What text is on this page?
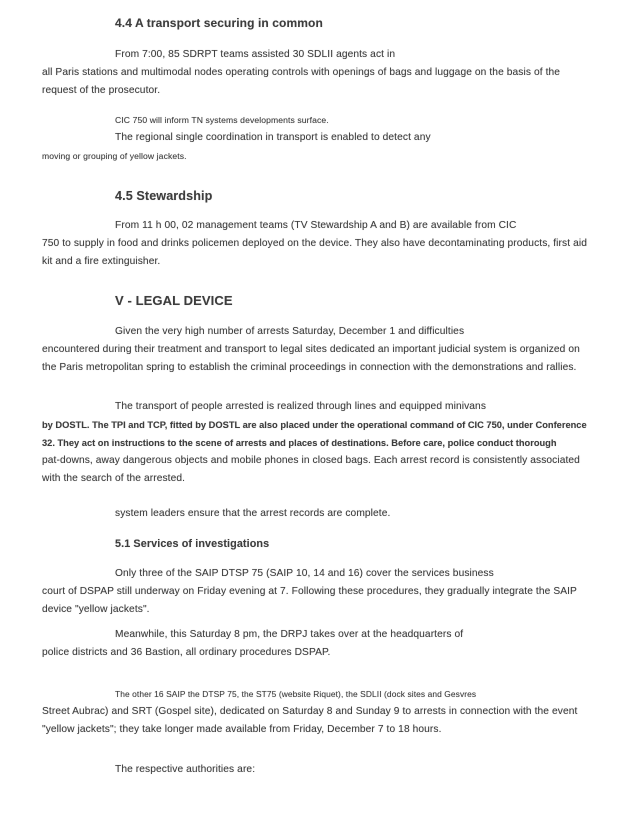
4.4 A transport securing in common
From 7:00, 85 SDRPT teams assisted 30 SDLII agents act in
all Paris stations and multimodal nodes operating controls with openings of bags and luggage on the basis of the
request of the prosecutor.
CIC 750 will inform TN systems developments surface.
The regional single coordination in transport is enabled to detect any
moving or grouping of yellow jackets.
4.5 Stewardship
From 11 h 00, 02 management teams (TV Stewardship A and B) are available from CIC
750 to supply in food and drinks policemen deployed on the device. They also have decontaminating products, first aid
kit and a fire extinguisher.
V - LEGAL DEVICE
Given the very high number of arrests Saturday, December 1 and difficulties
encountered during their treatment and transport to legal sites dedicated an important judicial system is organized on
the Paris metropolitan spring to establish the criminal proceedings in connection with the demonstrations and rallies.
The transport of people arrested is realized through lines and equipped minivans
by DOSTL. The TPI and TCP, fitted by DOSTL are also placed under the operational command of CIC 750, under Conference
32. They act on instructions to the scene of arrests and places of destinations. Before care, police conduct thorough
pat-downs, away dangerous objects and mobile phones in closed bags. Each arrest record is consistently associated
with the search of the arrested.
system leaders ensure that the arrest records are complete.
5.1 Services of investigations
Only three of the SAIP DTSP 75 (SAIP 10, 14 and 16) cover the services business
court of DSPAP still underway on Friday evening at 7. Following these procedures, they gradually integrate the SAIP
device "yellow jackets".
Meanwhile, this Saturday 8 pm, the DRPJ takes over at the headquarters of
police districts and 36 Bastion, all ordinary procedures DSPAP.
The other 16 SAIP the DTSP 75, the ST75 (website Riquet), the SDLII (dock sites and Gesvres
Street Aubrac) and SRT (Gospel site), dedicated on Saturday 8 and Sunday 9 to arrests in connection with the event
"yellow jackets"; they take longer made available from Friday, December 7 to 18 hours.
The respective authorities are:
